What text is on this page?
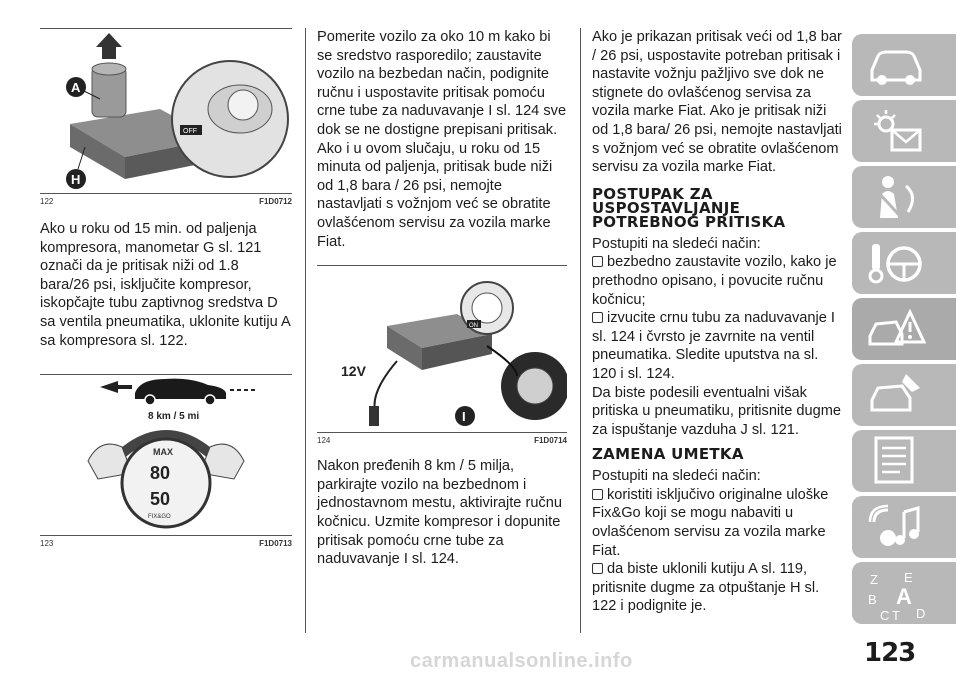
OFF
A
H
122	F1D0712

Ako u roku od 15 min. od paljenja kompresora, manometar G sl. 121 označi da je pritisak niži od 1.8 bara/26 psi, isključite kompresor, iskopčajte tubu zaptivnog sredstva D sa ventila pneumatika, uklonite kutiju A sa kompresora sl. 122.

8 km / 5 mi
MAX
80
50
FIX&GO
123	F1D0713

Pomerite vozilo za oko 10 m kako bi se sredstvo rasporedilo; zaustavite vozilo na bezbedan način, podignite ručnu i uspostavite pritisak pomoću crne tube za naduvavanje I sl. 124 sve dok se ne dostigne prepisani pritisak. Ako i u ovom slučaju, u roku od 15 minuta od paljenja, pritisak bude niži od 1,8 bara / 26 psi, nemojte nastavljati s vožnjom već se obratite ovlašćenom servisu za vozila marke Fiat.

ON
12V
I
124	F1D0714

Nakon pređenih 8 km / 5 milja, parkirajte vozilo na bezbednom i jednostavnom mestu, aktivirajte ručnu kočnicu. Uzmite kompresor i dopunite pritisak pomoću crne tube za naduvavanje I sl. 124.

Ako je prikazan pritisak veći od 1,8 bar / 26 psi, uspostavite potreban pritisak i nastavite vožnju pažljivo sve dok ne stignete do ovlašćenog servisa za vozila marke Fiat. Ako je pritisak niži od 1,8 bara/ 26 psi, nemojte nastavljati s vožnjom već se obratite ovlašćenom servisu za vozila marke Fiat.

POSTUPAK ZA USPOSTAVLJANJE POTREBNOG PRITISKA

Postupiti na sledeći način:

bezbedno zaustavite vozilo, kako je prethodno opisano, i povucite ručnu kočnicu;

izvucite crnu tubu za naduvavanje I sl. 124 i čvrsto je zavrnite na ventil pneumatika. Sledite uputstva na sl. 120 i sl. 124.

Da biste podesili eventualni višak pritiska u pneumatiku, pritisnite dugme za ispuštanje vazduha J sl. 121.

ZAMENA UMETKA

Postupiti na sledeći način:

koristiti isključivo originalne uloške Fix&Go koji se mogu nabaviti u ovlašćenom servisu za vozila marke Fiat.

da biste uklonili kutiju A sl. 119, pritisnite dugme za otpuštanje H sl. 122 i podignite je.

Z E
B A
C T D
123
carmanualsonline.info
